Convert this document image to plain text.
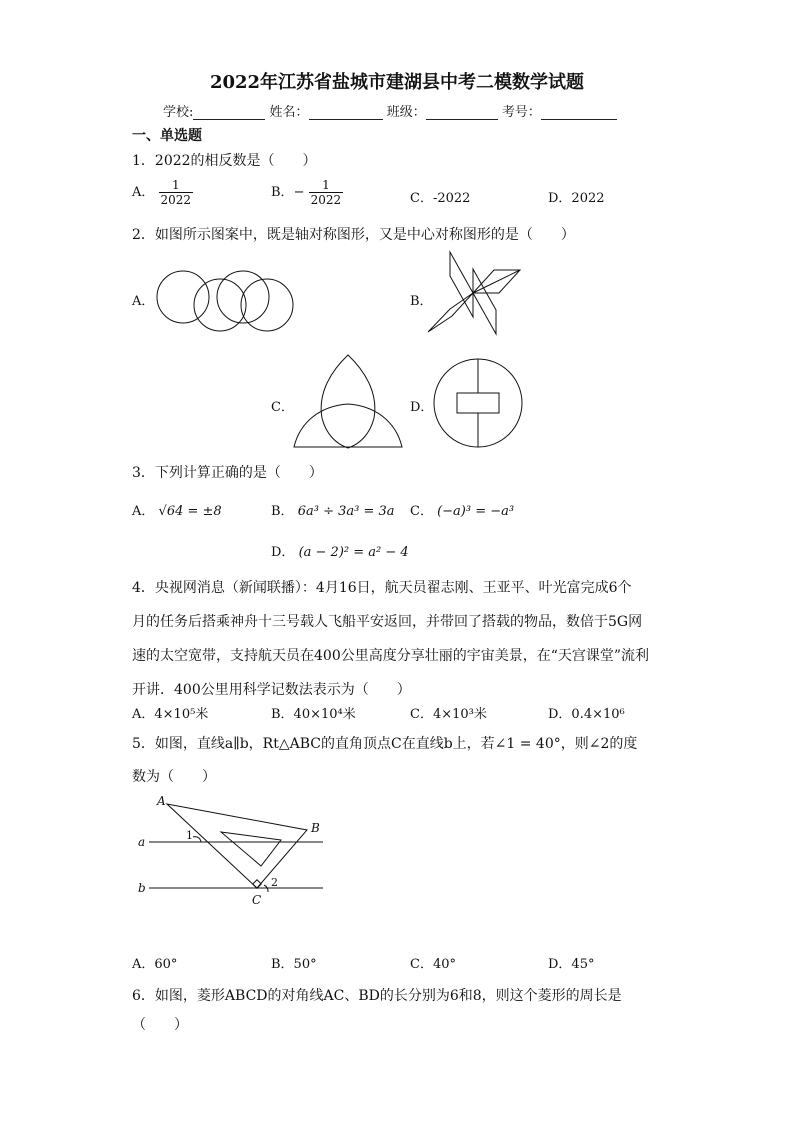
2022年江苏省盐城市建湖县中考二模数学试题
学校:	姓名：	班级：	考号：
一、单选题
1．2022的相反数是（　　）
A． $\frac{1}{2022}$	B．− $\frac{1}{2022}$	C．-2022	D．2022
2．如图所示图案中，既是轴对称图形，又是中心对称图形的是（　　）
A．	B．
C．	D．
3．下列计算正确的是（　　）
A． √64 = ±8	B． 6a³ ÷ 3a³ = 3a C． (−a)³ = −a³
D． (a − 2)² = a² − 4
4．央视网消息（新闻联播）：4月16日，航天员翟志刚、王亚平、叶光富完成6个
月的任务后搭乘神舟十三号载人飞船平安返回，并带回了搭载的物品，数倍于5G网
速的太空宽带，支持航天员在400公里高度分享壮丽的宇宙美景，在“天宫课堂”流利
开讲．400公里用科学记数法表示为（　　）
A．4×10⁵米	B．40×10⁴米	C．4×10³米	D．0.4×10⁶
5．如图，直线a∥b，Rt△ABC的直角顶点C在直线b上，若∠1 = 40°，则∠2的度
数为（　　）
A
B
C
a
b
1
2
A．60°	B．50°	C．40°	D．45°
6．如图，菱形ABCD的对角线AC、BD的长分别为6和8，则这个菱形的周长是
（　　）
